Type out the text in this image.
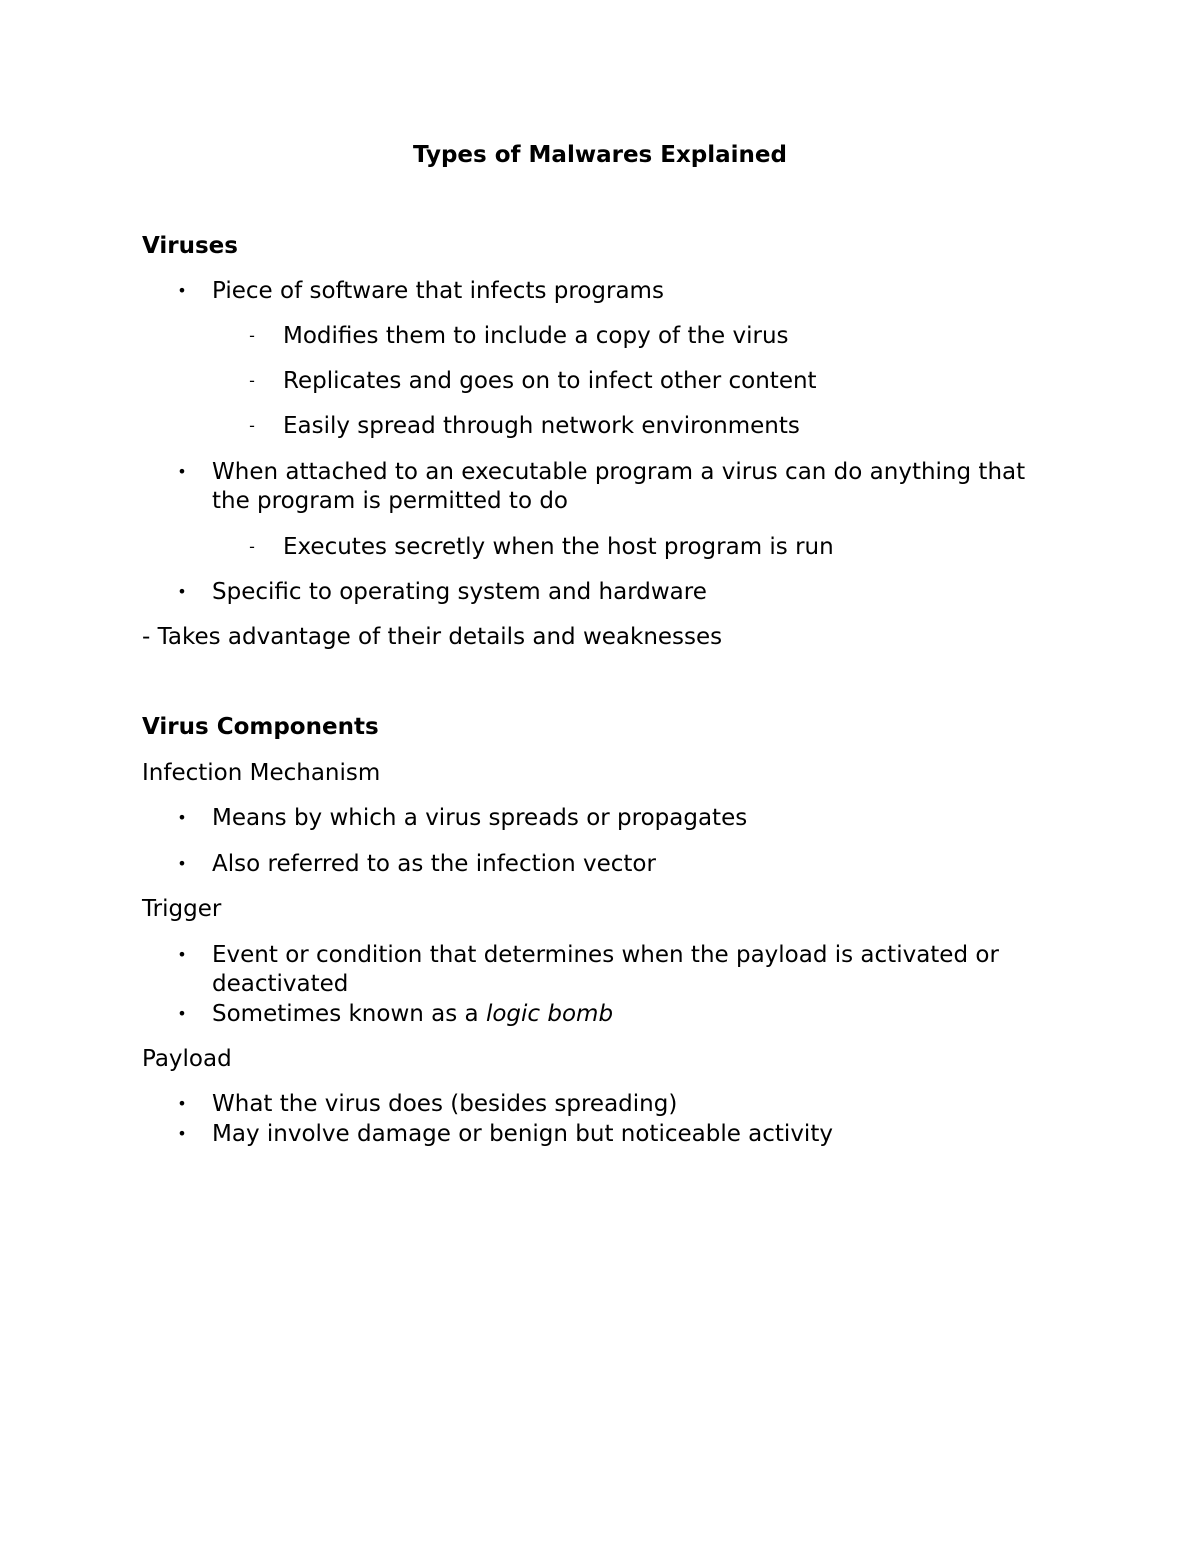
Types of Malwares Explained
Viruses
• Piece of software that infects programs
- Modifies them to include a copy of the virus
- Replicates and goes on to infect other content
- Easily spread through network environments
• When attached to an executable program a virus can do anything that
the program is permitted to do
- Executes secretly when the host program is run
• Specific to operating system and hardware
- Takes advantage of their details and weaknesses
Virus Components
Infection Mechanism
• Means by which a virus spreads or propagates
• Also referred to as the infection vector
Trigger
• Event or condition that determines when the payload is activated or
deactivated
• Sometimes known as a logic bomb
Payload
• What the virus does (besides spreading)
• May involve damage or benign but noticeable activity
